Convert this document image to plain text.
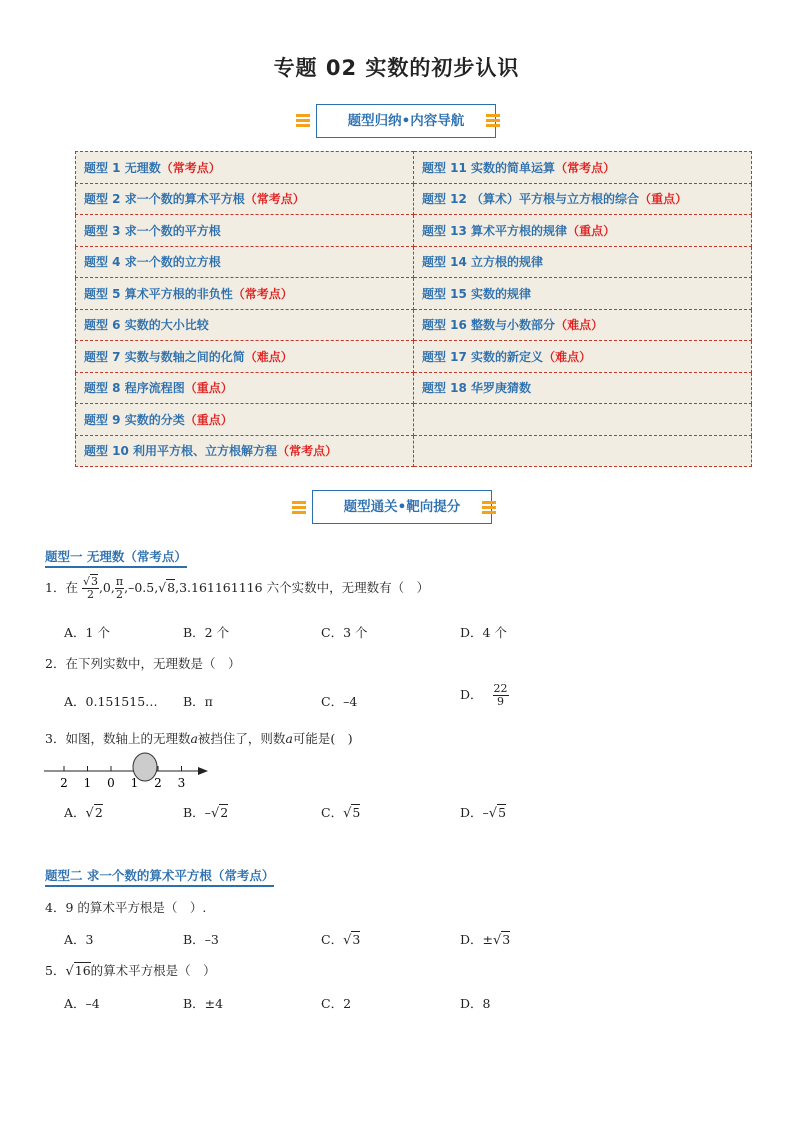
专题 02 实数的初步认识
题型归纳•内容导航
题型 1 无理数（常考点）	题型 11 实数的简单运算（常考点）
题型 2 求一个数的算术平方根（常考点）	题型 12 （算术）平方根与立方根的综合（重点）
题型 3 求一个数的平方根	题型 13 算术平方根的规律（重点）
题型 4 求一个数的立方根	题型 14 立方根的规律
题型 5 算术平方根的非负性（常考点）	题型 15 实数的规律
题型 6 实数的大小比较	题型 16 整数与小数部分（难点）
题型 7 实数与数轴之间的化简（难点）	题型 17 实数的新定义（难点）
题型 8 程序流程图（重点）	题型 18 华罗庚猜数
题型 9 实数的分类（重点）	
题型 10 利用平方根、立方根解方程（常考点）	
题型通关•靶向提分
题型一 无理数（常考点）
1．在 $\frac{√3}{2} ,0$, $\frac{\pi}{2} ,-0.5,√8,3.161161116$ 六个实数中，无理数有（　）
A．1 个	B．2 个	C．3 个	D．4 个
2．在下列实数中，无理数是（　）
A．0.151515… B．π	C．–4	D． $\frac{22}{9}$
3．如图，数轴上的无理数a被挡住了，则数a可能是(　)
2 1 0 1 2 3
A．√2	B．–√2	C．√5	D．–√5
题型二 求一个数的算术平方根（常考点）
4．9 的算术平方根是（　）.
A．3	B．–3	C．√3	D．±√3
5．√16的算术平方根是（　）
A．–4	B．±4	C．2	D．8
